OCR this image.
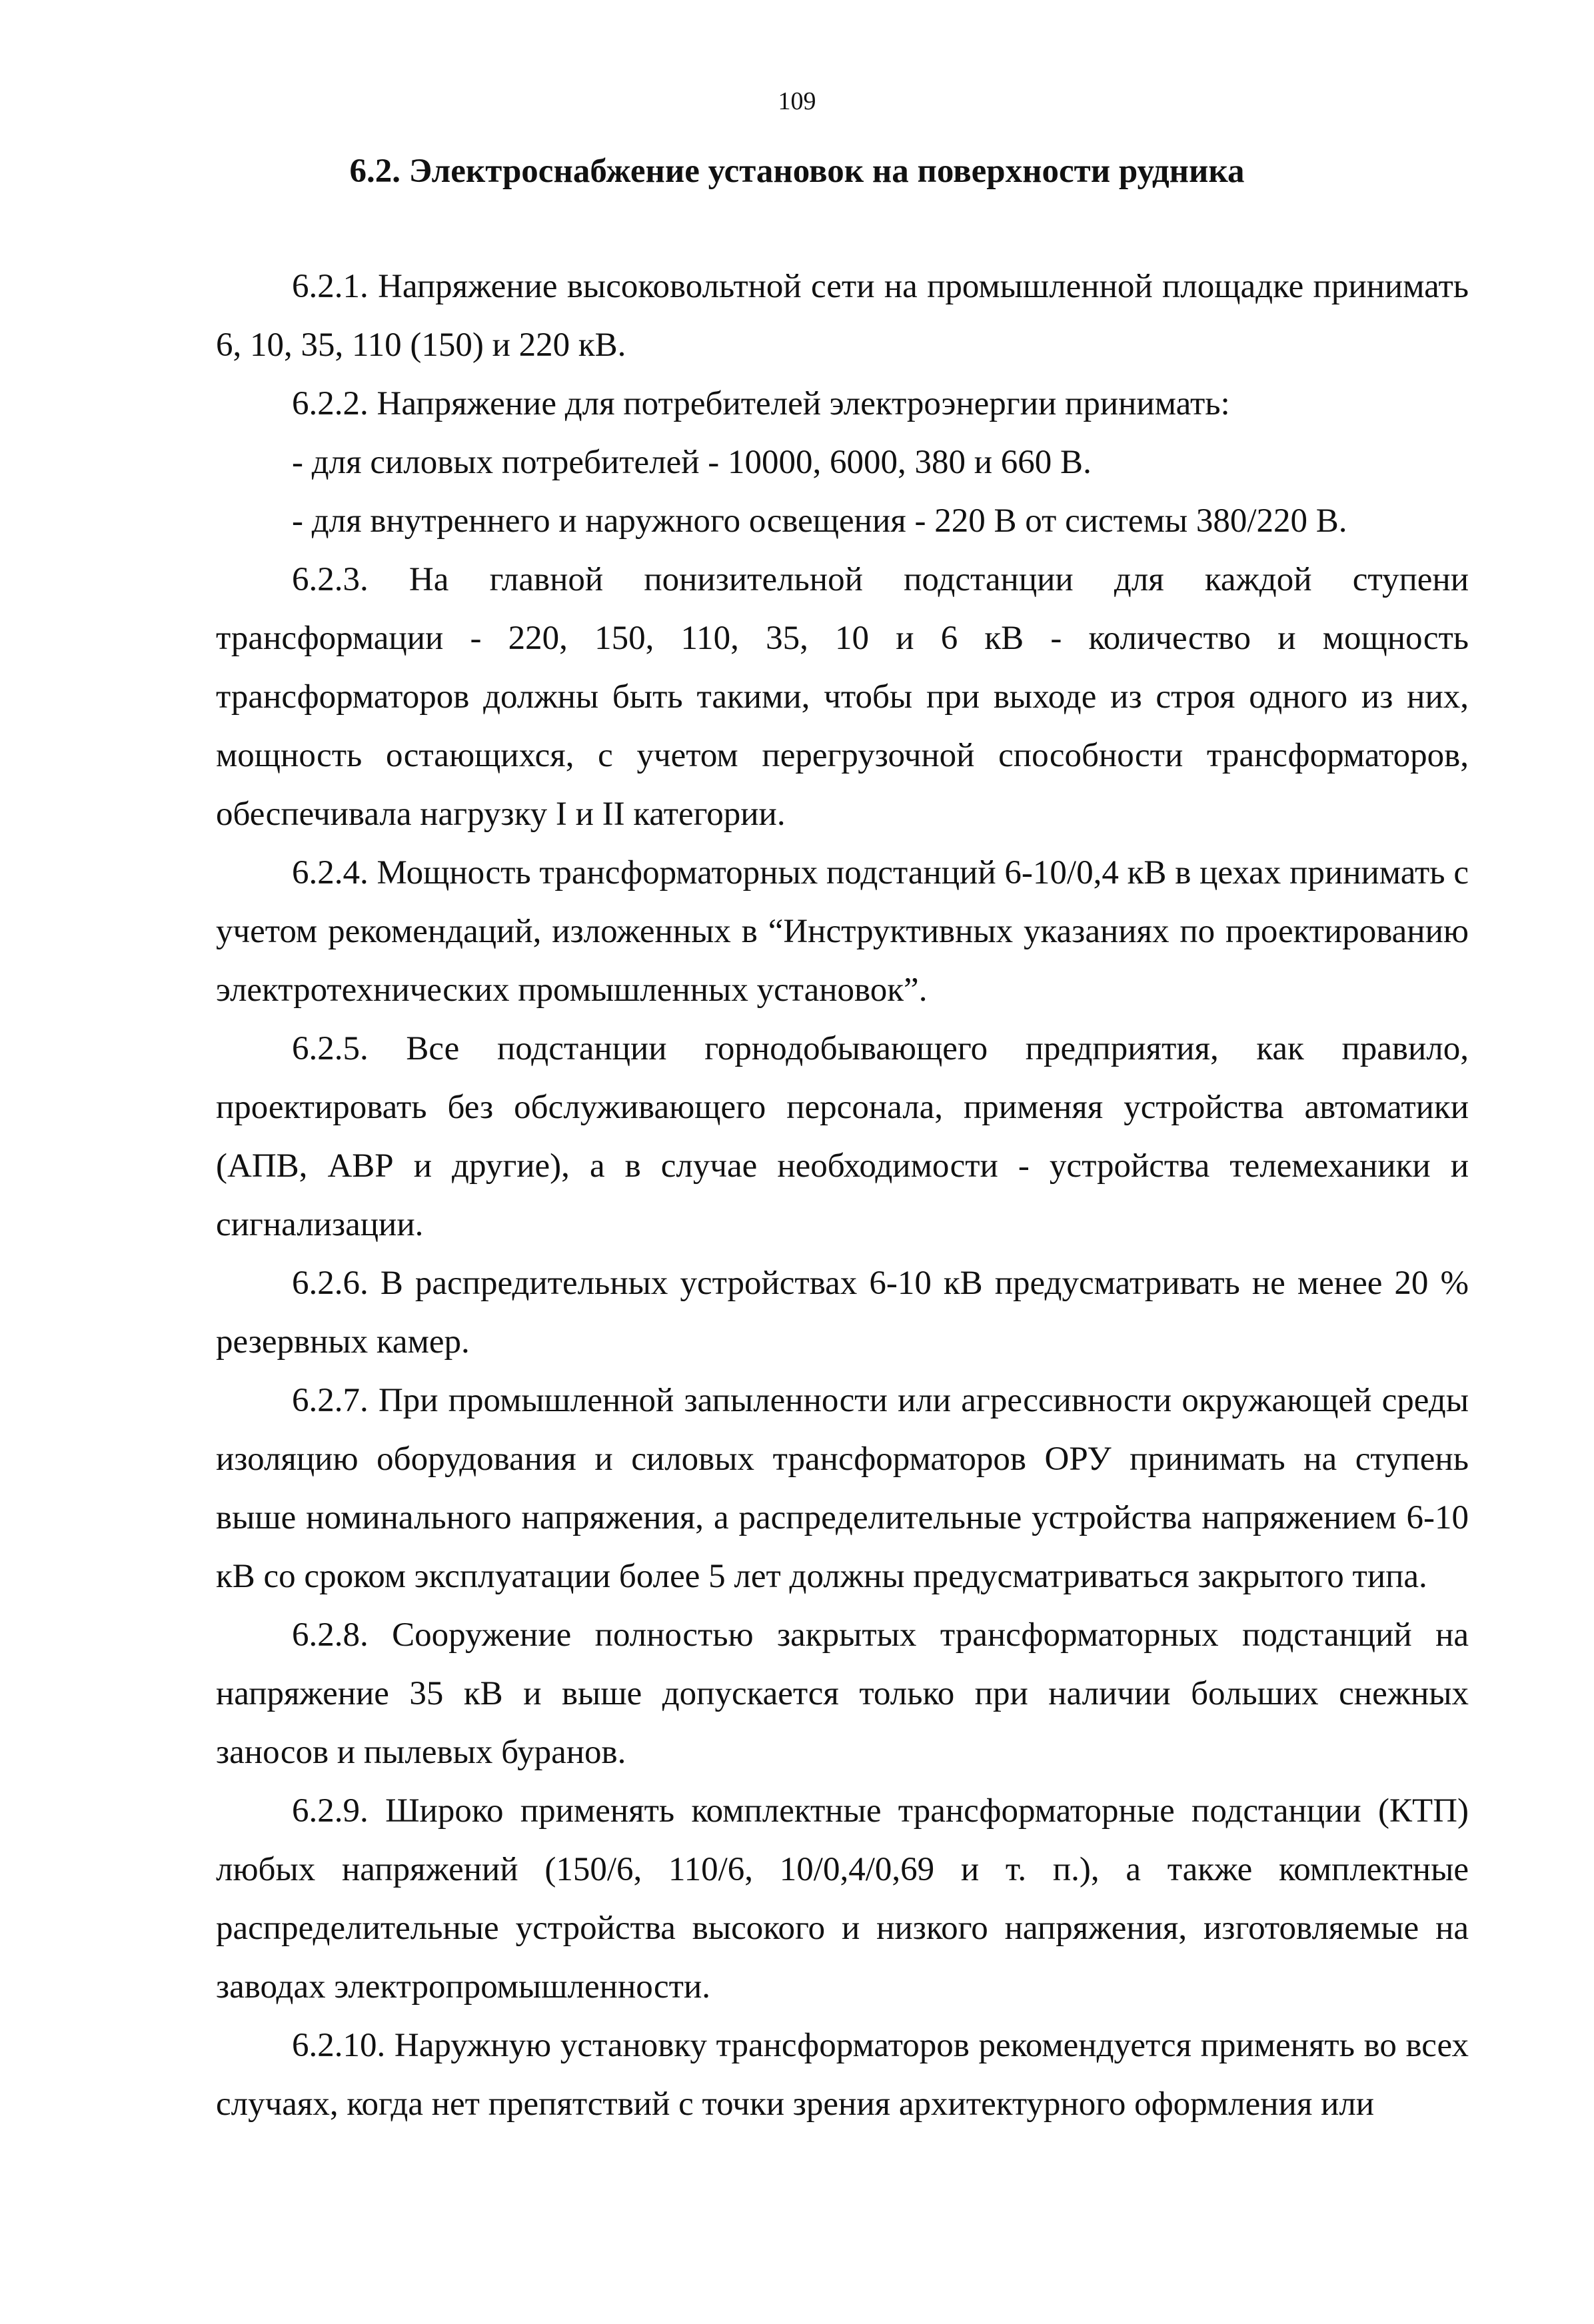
109
6.2. Электроснабжение установок на поверхности рудника

6.2.1. Напряжение высоковольтной сети на промышленной площадке принимать 6, 10, 35, 110 (150) и 220 кВ.

6.2.2. Напряжение для потребителей электроэнергии принимать:

- для силовых потребителей - 10000, 6000, 380 и 660 В.

- для внутреннего и наружного освещения - 220 В от системы 380/220 В.

6.2.3. На главной понизительной подстанции для каждой ступени трансформации - 220, 150, 110, 35, 10 и 6 кВ - количество и мощность трансформаторов должны быть такими, чтобы при выходе из строя одного из них, мощность остающихся, с учетом перегрузочной способности трансформаторов, обеспечивала нагрузку I и II категории.

6.2.4. Мощность трансформаторных подстанций 6-10/0,4 кВ в цехах принимать с учетом рекомендаций, изложенных в “Инструктивных указаниях по проектированию электротехнических промышленных установок”.

6.2.5. Все подстанции горнодобывающего предприятия, как правило, проектировать без обслуживающего персонала, применяя устройства автоматики (АПВ, АВР и другие), а в случае необходимости - устройства телемеханики и сигнализации.

6.2.6. В распредительных устройствах 6-10 кВ предусматривать не менее 20 % резервных камер.

6.2.7. При промышленной запыленности или агрессивности окружающей среды изоляцию оборудования и силовых трансформаторов ОРУ принимать на ступень выше номинального напряжения, а распределительные устройства напряжением 6-10 кВ со сроком эксплуатации более 5 лет должны предусматриваться закрытого типа.

6.2.8. Сооружение полностью закрытых трансформаторных подстанций на напряжение 35 кВ и выше допускается только при наличии больших снежных заносов и пылевых буранов.

6.2.9. Широко применять комплектные трансформаторные подстанции (КТП) любых напряжений (150/6, 110/6, 10/0,4/0,69 и т. п.), а также комплектные распределительные устройства высокого и низкого напряжения, изготовляемые на заводах электропромышленности.

6.2.10. Наружную установку трансформаторов рекомендуется применять во всех случаях, когда нет препятствий с точки зрения архитектурного оформления или
